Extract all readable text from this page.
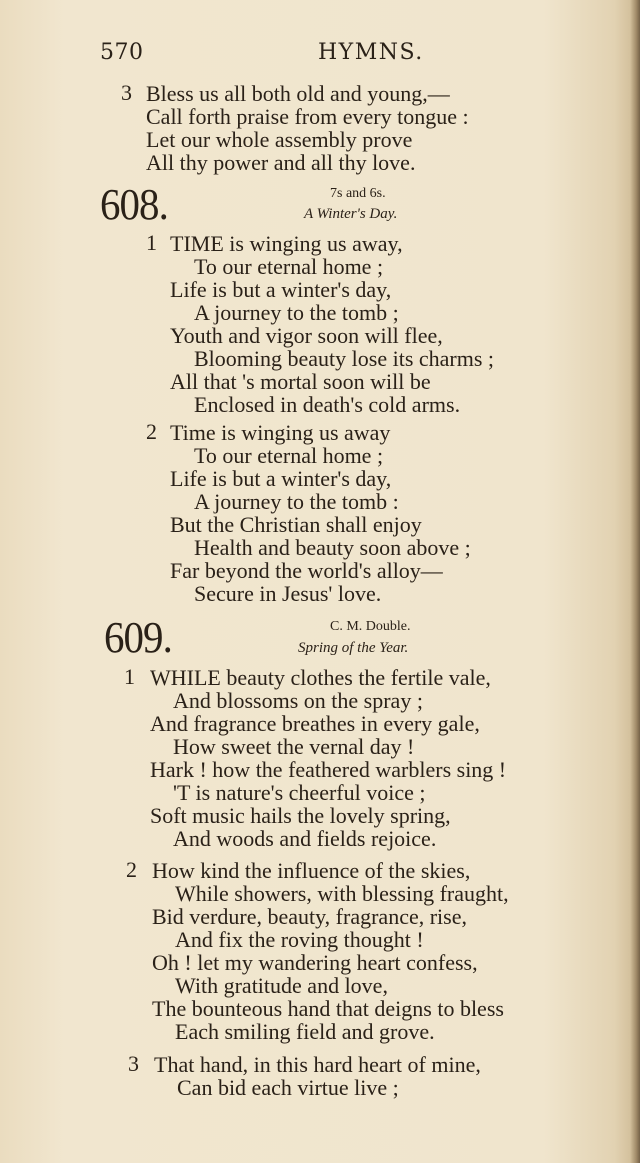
570	HYMNS.
3 Bless us all both old and young,—
Call forth praise from every tongue :
Let our whole assembly prove
All thy power and all thy love.
608.	7s and 6s.
A Winter's Day.
1 TIME is winging us away,
To our eternal home ;
Life is but a winter's day,
A journey to the tomb ;
Youth and vigor soon will flee,
Blooming beauty lose its charms ;
All that 's mortal soon will be
Enclosed in death's cold arms.
2 Time is winging us away
To our eternal home ;
Life is but a winter's day,
A journey to the tomb :
But the Christian shall enjoy
Health and beauty soon above ;
Far beyond the world's alloy—
Secure in Jesus' love.
609.	C. M. Double.
Spring of the Year.
1 WHILE beauty clothes the fertile vale,
And blossoms on the spray ;
And fragrance breathes in every gale,
How sweet the vernal day !
Hark ! how the feathered warblers sing !
'T is nature's cheerful voice ;
Soft music hails the lovely spring,
And woods and fields rejoice.
2 How kind the influence of the skies,
While showers, with blessing fraught,
Bid verdure, beauty, fragrance, rise,
And fix the roving thought !
Oh ! let my wandering heart confess,
With gratitude and love,
The bounteous hand that deigns to bless
Each smiling field and grove.
3 That hand, in this hard heart of mine,
Can bid each virtue live ;
